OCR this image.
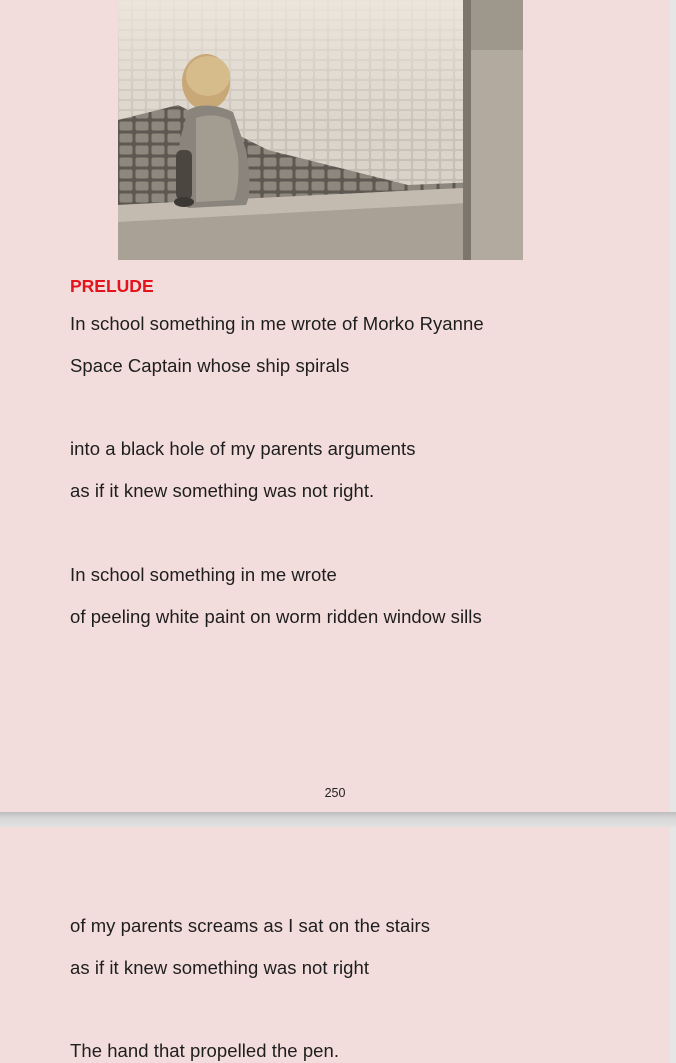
PRELUDE
In school something in me wrote of Morko Ryanne
Space Captain whose ship spirals
into a black hole of my parents arguments
as if it knew something was not right.
In school something in me wrote
of peeling white paint on worm ridden window sills
250
of my parents screams as I sat on the stairs
as if it knew something was not right
The hand that propelled the pen.
